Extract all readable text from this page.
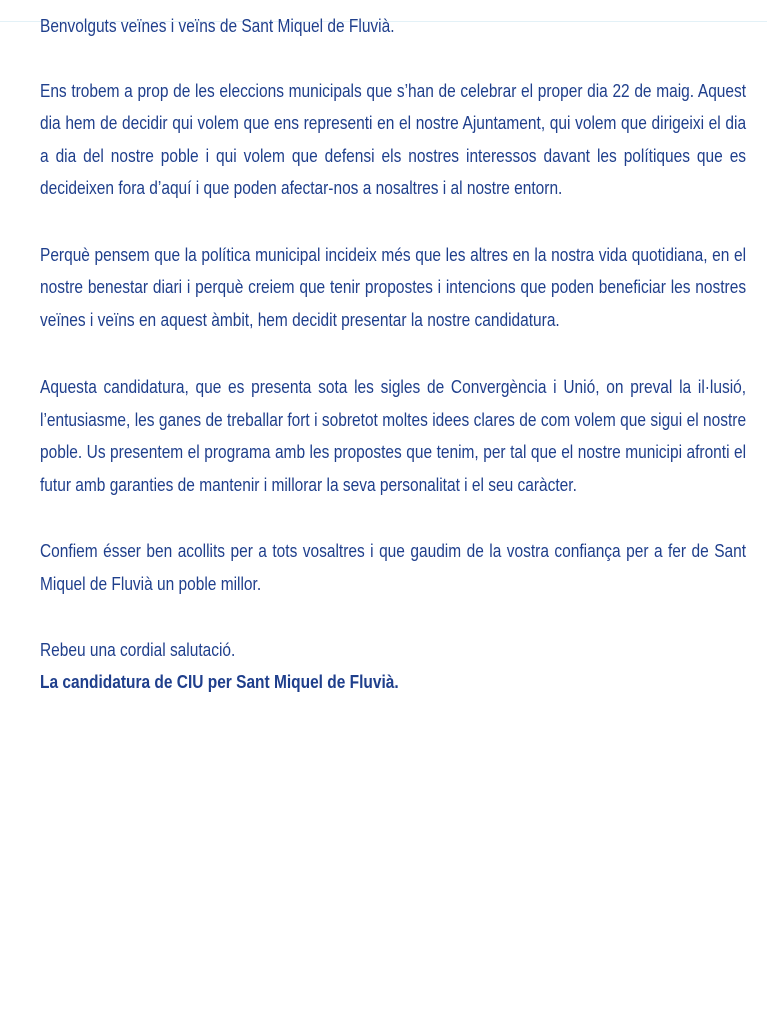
Benvolguts veïnes i veïns de Sant Miquel de Fluvià.

Ens trobem a prop de les eleccions municipals que s’han de celebrar el proper dia 22 de maig. Aquest dia hem de decidir qui volem que ens representi en el nostre Ajuntament, qui volem que dirigeixi el dia a dia del nostre poble i qui volem que defensi els nostres interessos davant les polítiques que es decideixen fora d’aquí i que poden afectar-nos a nosaltres i al nostre entorn.

Perquè pensem que la política municipal incideix més que les altres en la nostra vida quotidiana, en el nostre benestar diari i perquè creiem que tenir propostes i intencions que poden beneficiar les nostres veïnes i veïns en aquest àmbit, hem decidit presentar la nostre candidatura.

Aquesta candidatura, que es presenta sota les sigles de Convergència i Unió, on preval la il·lusió, l’entusiasme, les ganes de treballar fort i sobretot moltes idees clares de com volem que sigui el nostre poble. Us presentem el programa amb les propostes que tenim, per tal que el nostre municipi afronti el futur amb garanties de mantenir i millorar la seva personalitat i el seu caràcter.

Confiem ésser ben acollits per a tots vosaltres i que gaudim de la vostra confiança per a fer de Sant Miquel de Fluvià un poble millor.

Rebeu una cordial salutació.

La candidatura de CIU per Sant Miquel de Fluvià.
